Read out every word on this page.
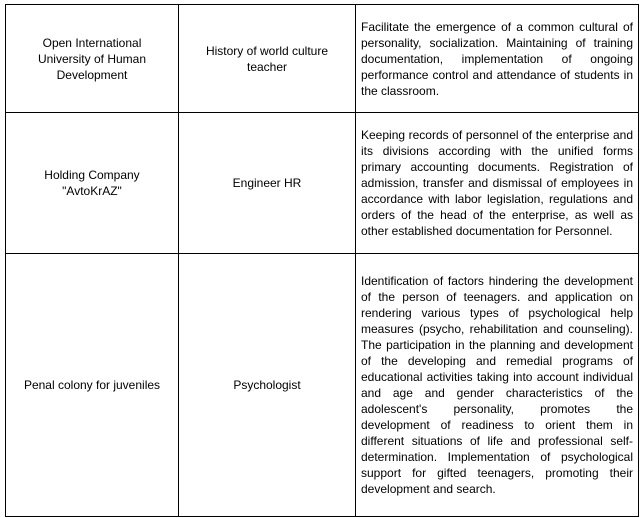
Open International University of Human Development	History of world culture teacher	Facilitate the emergence of a common cultural of personality, socialization. Maintaining of training documentation, implementation of ongoing performance control and attendance of students in the classroom.
Holding Company "AvtoKrAZ"	Engineer HR	Keeping records of personnel of the enterprise and its divisions according with the unified forms primary accounting documents. Registration of admission, transfer and dismissal of employees in accordance with labor legislation, regulations and orders of the head of the enterprise, as well as other established documentation for Personnel.
Penal colony for juveniles	Psychologist	Identification of factors hindering the development of the person of teenagers. and application on rendering various types of psychological help measures (psycho, rehabilitation and counseling). The participation in the planning and development of the developing and remedial programs of educational activities taking into account individual and age and gender characteristics of the adolescent's personality, promotes the development of readiness to orient them in different situations of life and professional self-determination. Implementation of psychological support for gifted teenagers, promoting their development and search.
